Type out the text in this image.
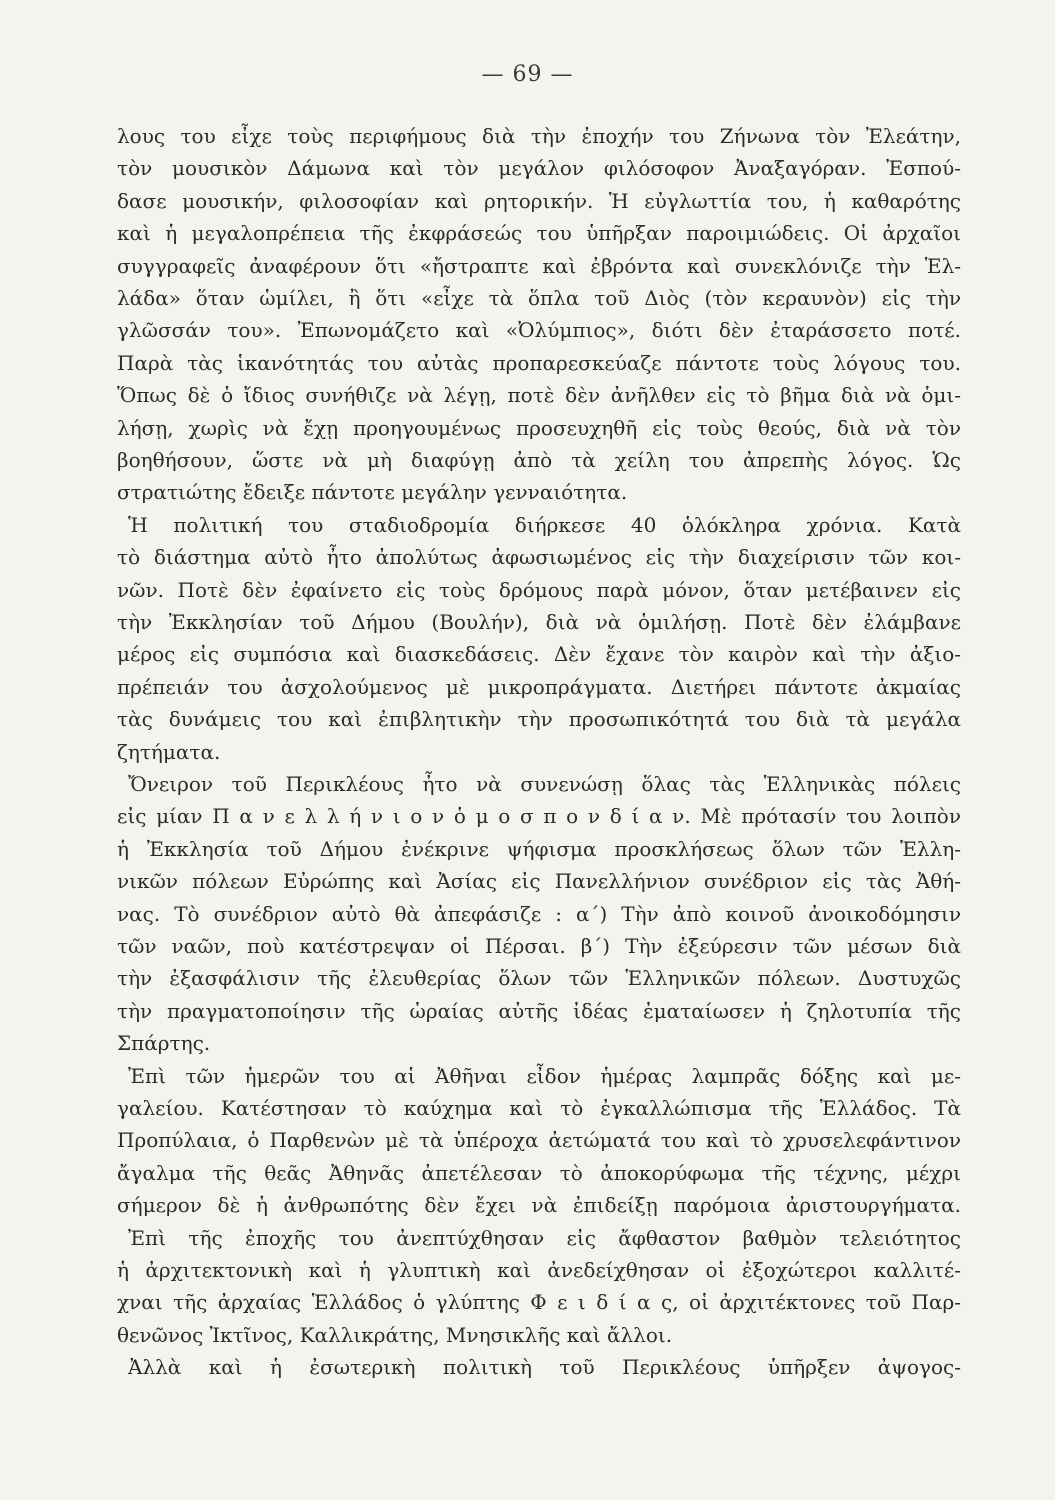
— 69 —
λους του εἶχε τοὺς περιφήμους διὰ τὴν ἐποχήν του Ζήνωνα τὸν Ἐλεάτην,
τὸν μουσικὸν Δάμωνα καὶ τὸν μεγάλον φιλόσοφον Ἀναξαγόραν. Ἐσπού-
δασε μουσικήν, φιλοσοφίαν καὶ ρητορικήν. Ἡ εὐγλωττία του, ἡ καθαρότης
καὶ ἡ μεγαλοπρέπεια τῆς ἐκφράσεώς του ὑπῆρξαν παροιμιώδεις. Οἱ ἀρχαῖοι
συγγραφεῖς ἀναφέρουν ὅτι «ἤστραπτε καὶ ἐβρόντα καὶ συνεκλόνιζε τὴν Ἑλ-
λάδα» ὅταν ὡμίλει, ἢ ὅτι «εἶχε τὰ ὅπλα τοῦ Διὸς (τὸν κεραυνὸν) εἰς τὴν
γλῶσσάν του». Ἐπωνομάζετο καὶ «Ὀλύμπιος», διότι δὲν ἐταράσσετο ποτέ.
Παρὰ τὰς ἱκανότητάς του αὐτὰς προπαρεσκεύαζε πάντοτε τοὺς λόγους του.
Ὅπως δὲ ὁ ἴδιος συνήθιζε νὰ λέγῃ, ποτὲ δὲν ἀνῆλθεν εἰς τὸ βῆμα διὰ νὰ ὁμι-
λήσῃ, χωρὶς νὰ ἔχῃ προηγουμένως προσευχηθῆ εἰς τοὺς θεούς, διὰ νὰ τὸν
βοηθήσουν, ὥστε νὰ μὴ διαφύγῃ ἀπὸ τὰ χείλη του ἀπρεπὴς λόγος. Ὡς
στρατιώτης ἔδειξε πάντοτε μεγάλην γενναιότητα.
Ἡ πολιτική του σταδιοδρομία διήρκεσε 40 ὁλόκληρα χρόνια. Κατὰ
τὸ διάστημα αὐτὸ ἦτο ἀπολύτως ἀφωσιωμένος εἰς τὴν διαχείρισιν τῶν κοι-
νῶν. Ποτὲ δὲν ἐφαίνετο εἰς τοὺς δρόμους παρὰ μόνον, ὅταν μετέβαινεν εἰς
τὴν Ἐκκλησίαν τοῦ Δήμου (Βουλήν), διὰ νὰ ὁμιλήσῃ. Ποτὲ δὲν ἐλάμβανε
μέρος εἰς συμπόσια καὶ διασκεδάσεις. Δὲν ἔχανε τὸν καιρὸν καὶ τὴν ἀξιο-
πρέπειάν του ἀσχολούμενος μὲ μικροπράγματα. Διετήρει πάντοτε ἀκμαίας
τὰς δυνάμεις του καὶ ἐπιβλητικὴν τὴν προσωπικότητά του διὰ τὰ μεγάλα
ζητήματα.
Ὄνειρον τοῦ Περικλέους ἦτο νὰ συνενώσῃ ὅλας τὰς Ἑλληνικὰς πόλεις
εἰς μίαν Π α ν ε λ λ ή ν ι ο ν ὁ μ ο σ π ο ν δ ί α ν. Μὲ πρότασίν του λοιπὸν
ἡ Ἐκκλησία τοῦ Δήμου ἐνέκρινε ψήφισμα προσκλήσεως ὅλων τῶν Ἑλλη-
νικῶν πόλεων Εὐρώπης καὶ Ἀσίας εἰς Πανελλήνιον συνέδριον εἰς τὰς Ἀθή-
νας. Τὸ συνέδριον αὐτὸ θὰ ἀπεφάσιζε : α΄) Τὴν ἀπὸ κοινοῦ ἀνοικοδόμησιν
τῶν ναῶν, ποὺ κατέστρεψαν οἱ Πέρσαι. β΄) Τὴν ἐξεύρεσιν τῶν μέσων διὰ
τὴν ἐξασφάλισιν τῆς ἐλευθερίας ὅλων τῶν Ἑλληνικῶν πόλεων. Δυστυχῶς
τὴν πραγματοποίησιν τῆς ὡραίας αὐτῆς ἰδέας ἐματαίωσεν ἡ ζηλοτυπία τῆς
Σπάρτης.
Ἐπὶ τῶν ἡμερῶν του αἱ Ἀθῆναι εἶδον ἡμέρας λαμπρᾶς δόξης καὶ με-
γαλείου. Κατέστησαν τὸ καύχημα καὶ τὸ ἐγκαλλώπισμα τῆς Ἑλλάδος. Τὰ
Προπύλαια, ὁ Παρθενὼν μὲ τὰ ὑπέροχα ἀετώματά του καὶ τὸ χρυσελεφάντινον
ἄγαλμα τῆς θεᾶς Ἀθηνᾶς ἀπετέλεσαν τὸ ἀποκορύφωμα τῆς τέχνης, μέχρι
σήμερον δὲ ἡ ἀνθρωπότης δὲν ἔχει νὰ ἐπιδείξῃ παρόμοια ἀριστουργήματα.
Ἐπὶ τῆς ἐποχῆς του ἀνεπτύχθησαν εἰς ἄφθαστον βαθμὸν τελειότητος
ἡ ἀρχιτεκτονικὴ καὶ ἡ γλυπτικὴ καὶ ἀνεδείχθησαν οἱ ἐξοχώτεροι καλλιτέ-
χναι τῆς ἀρχαίας Ἑλλάδος ὁ γλύπτης Φ ε ι δ ί α ς, οἱ ἀρχιτέκτονες τοῦ Παρ-
θενῶνος Ἰκτῖνος, Καλλικράτης, Μνησικλῆς καὶ ἄλλοι.
Ἀλλὰ καὶ ἡ ἐσωτερικὴ πολιτικὴ τοῦ Περικλέους ὑπῆρξεν ἀψογος-
